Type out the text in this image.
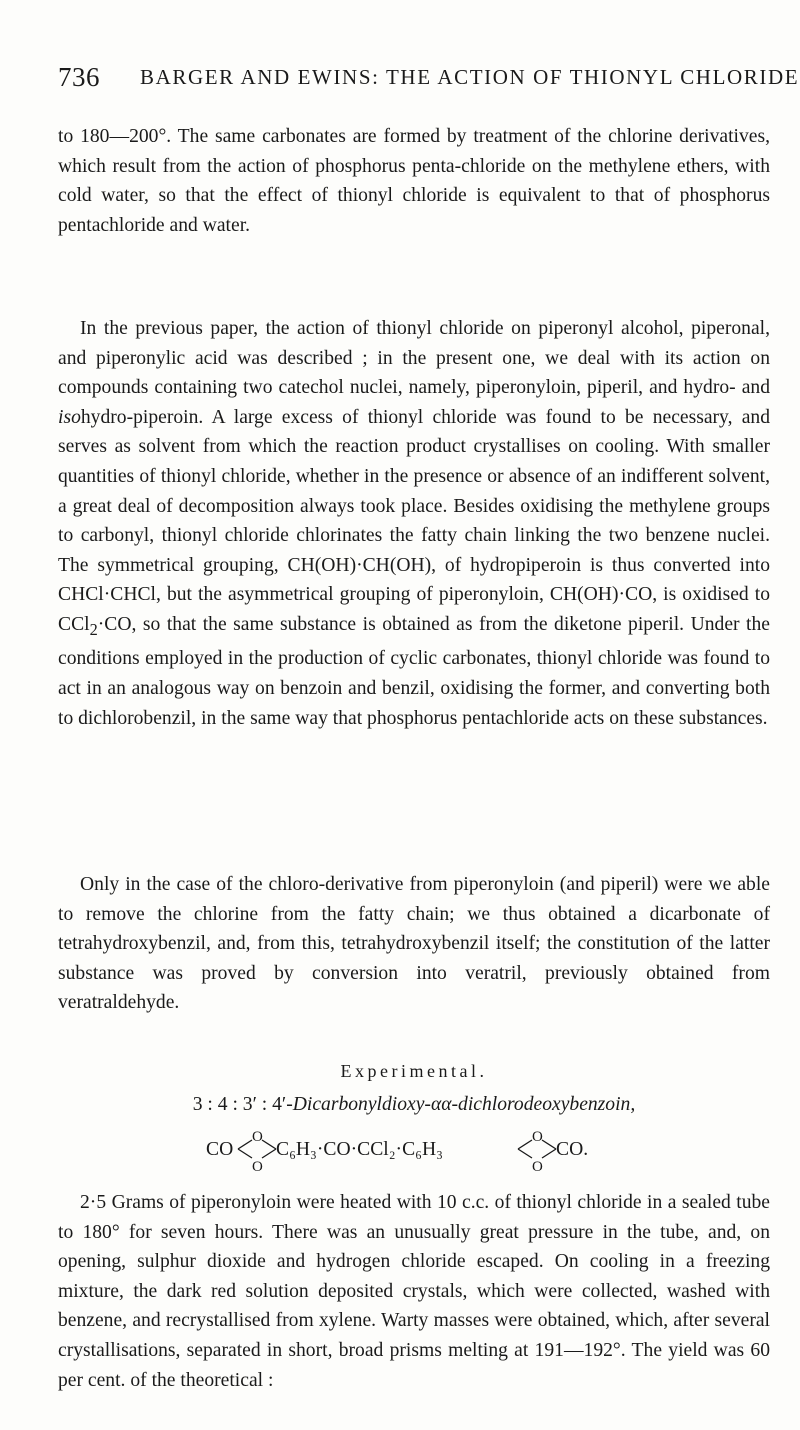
736 BARGER AND EWINS: THE ACTION OF THIONYL CHLORIDE

to 180—200°. The same carbonates are formed by treatment of the chlorine derivatives, which result from the action of phosphorus penta-chloride on the methylene ethers, with cold water, so that the effect of thionyl chloride is equivalent to that of phosphorus pentachloride and water.

In the previous paper, the action of thionyl chloride on piperonyl alcohol, piperonal, and piperonylic acid was described ; in the present one, we deal with its action on compounds containing two catechol nuclei, namely, piperonyloin, piperil, and hydro- and isohydro-piperoin. A large excess of thionyl chloride was found to be necessary, and serves as solvent from which the reaction product crystallises on cooling. With smaller quantities of thionyl chloride, whether in the presence or absence of an indifferent solvent, a great deal of decomposition always took place. Besides oxidising the methylene groups to carbonyl, thionyl chloride chlorinates the fatty chain linking the two benzene nuclei. The symmetrical grouping, CH(OH)·CH(OH), of hydropiperoin is thus converted into CHCl·CHCl, but the asymmetrical grouping of piperonyloin, CH(OH)·CO, is oxidised to CCl$_2$·CO, so that the same substance is obtained as from the diketone piperil. Under the conditions employed in the production of cyclic carbonates, thionyl chloride was found to act in an analogous way on benzoin and benzil, oxidising the former, and converting both to dichlorobenzil, in the same way that phosphorus pentachloride acts on these substances.

Only in the case of the chloro-derivative from piperonyloin (and piperil) were we able to remove the chlorine from the fatty chain; we thus obtained a dicarbonate of tetrahydroxybenzil, and, from this, tetrahydroxybenzil itself; the constitution of the latter substance was proved by conversion into veratril, previously obtained from veratraldehyde.

Experimental.
3 : 4 : 3′ : 4′-Dicarbonyldioxy-αα-dichlorodeoxybenzoin,
CO
O
O
C₆H₃·CO·CCl₂·C₆H₃
O
O
CO.

2·5 Grams of piperonyloin were heated with 10 c.c. of thionyl chloride in a sealed tube to 180° for seven hours. There was an unusually great pressure in the tube, and, on opening, sulphur dioxide and hydrogen chloride escaped. On cooling in a freezing mixture, the dark red solution deposited crystals, which were collected, washed with benzene, and recrystallised from xylene. Warty masses were obtained, which, after several crystallisations, separated in short, broad prisms melting at 191—192°. The yield was 60 per cent. of the theoretical :
